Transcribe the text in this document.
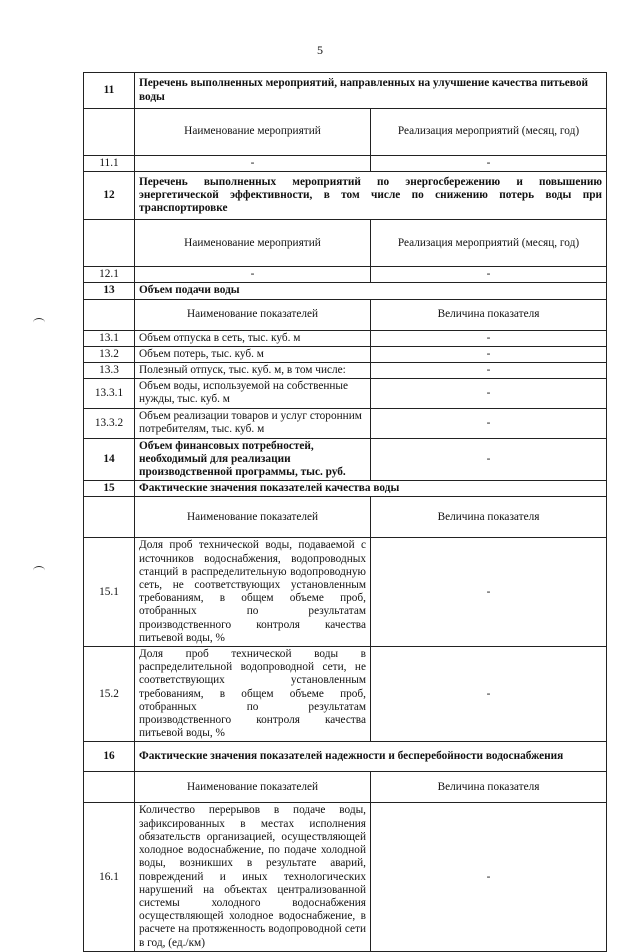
5
11	Перечень выполненных мероприятий, направленных на улучшение качества питьевой воды	
	Наименование мероприятий	Реализация мероприятий (месяц, год)
11.1	-	-
12	Перечень выполненных мероприятий по энергосбережению и повышению энергетической эффективности, в том числе по снижению потерь воды при транспортировке	
	Наименование мероприятий	Реализация мероприятий (месяц, год)
12.1	-	-
13	Объем подачи воды	
	Наименование показателей	Величина показателя
13.1	Объем отпуска в сеть, тыс. куб. м	-
13.2	Объем потерь, тыс. куб. м	-
13.3	Полезный отпуск, тыс. куб. м, в том числе:	-
13.3.1	Объем воды, используемой на собственные нужды, тыс. куб. м	-
13.3.2	Объем реализации товаров и услуг сторонним потребителям, тыс. куб. м	-
14	Объем финансовых потребностей, необходимый для реализации производственной программы, тыс. руб.	-
15	Фактические значения показателей качества воды	
	Наименование показателей	Величина показателя
15.1	Доля проб технической воды, подаваемой с источников водоснабжения, водопроводных станций в распределительную водопроводную сеть, не соответствующих установленным требованиям, в общем объеме проб, отобранных по результатам производственного контроля качества питьевой воды, %	-
15.2	Доля проб технической воды в распределительной водопроводной сети, не соответствующих установленным требованиям, в общем объеме проб, отобранных по результатам производственного контроля качества питьевой воды, %	-
16	Фактические значения показателей надежности и бесперебойности водоснабжения	
	Наименование показателей	Величина показателя
16.1	Количество перерывов в подаче воды, зафиксированных в местах исполнения обязательств организацией, осуществляющей холодное водоснабжение, по подаче холодной воды, возникших в результате аварий, повреждений и иных технологических нарушений на объектах централизованной системы холодного водоснабжения осуществляющей холодное водоснабжение, в расчете на протяженность водопроводной сети в год, (ед./км)	-
